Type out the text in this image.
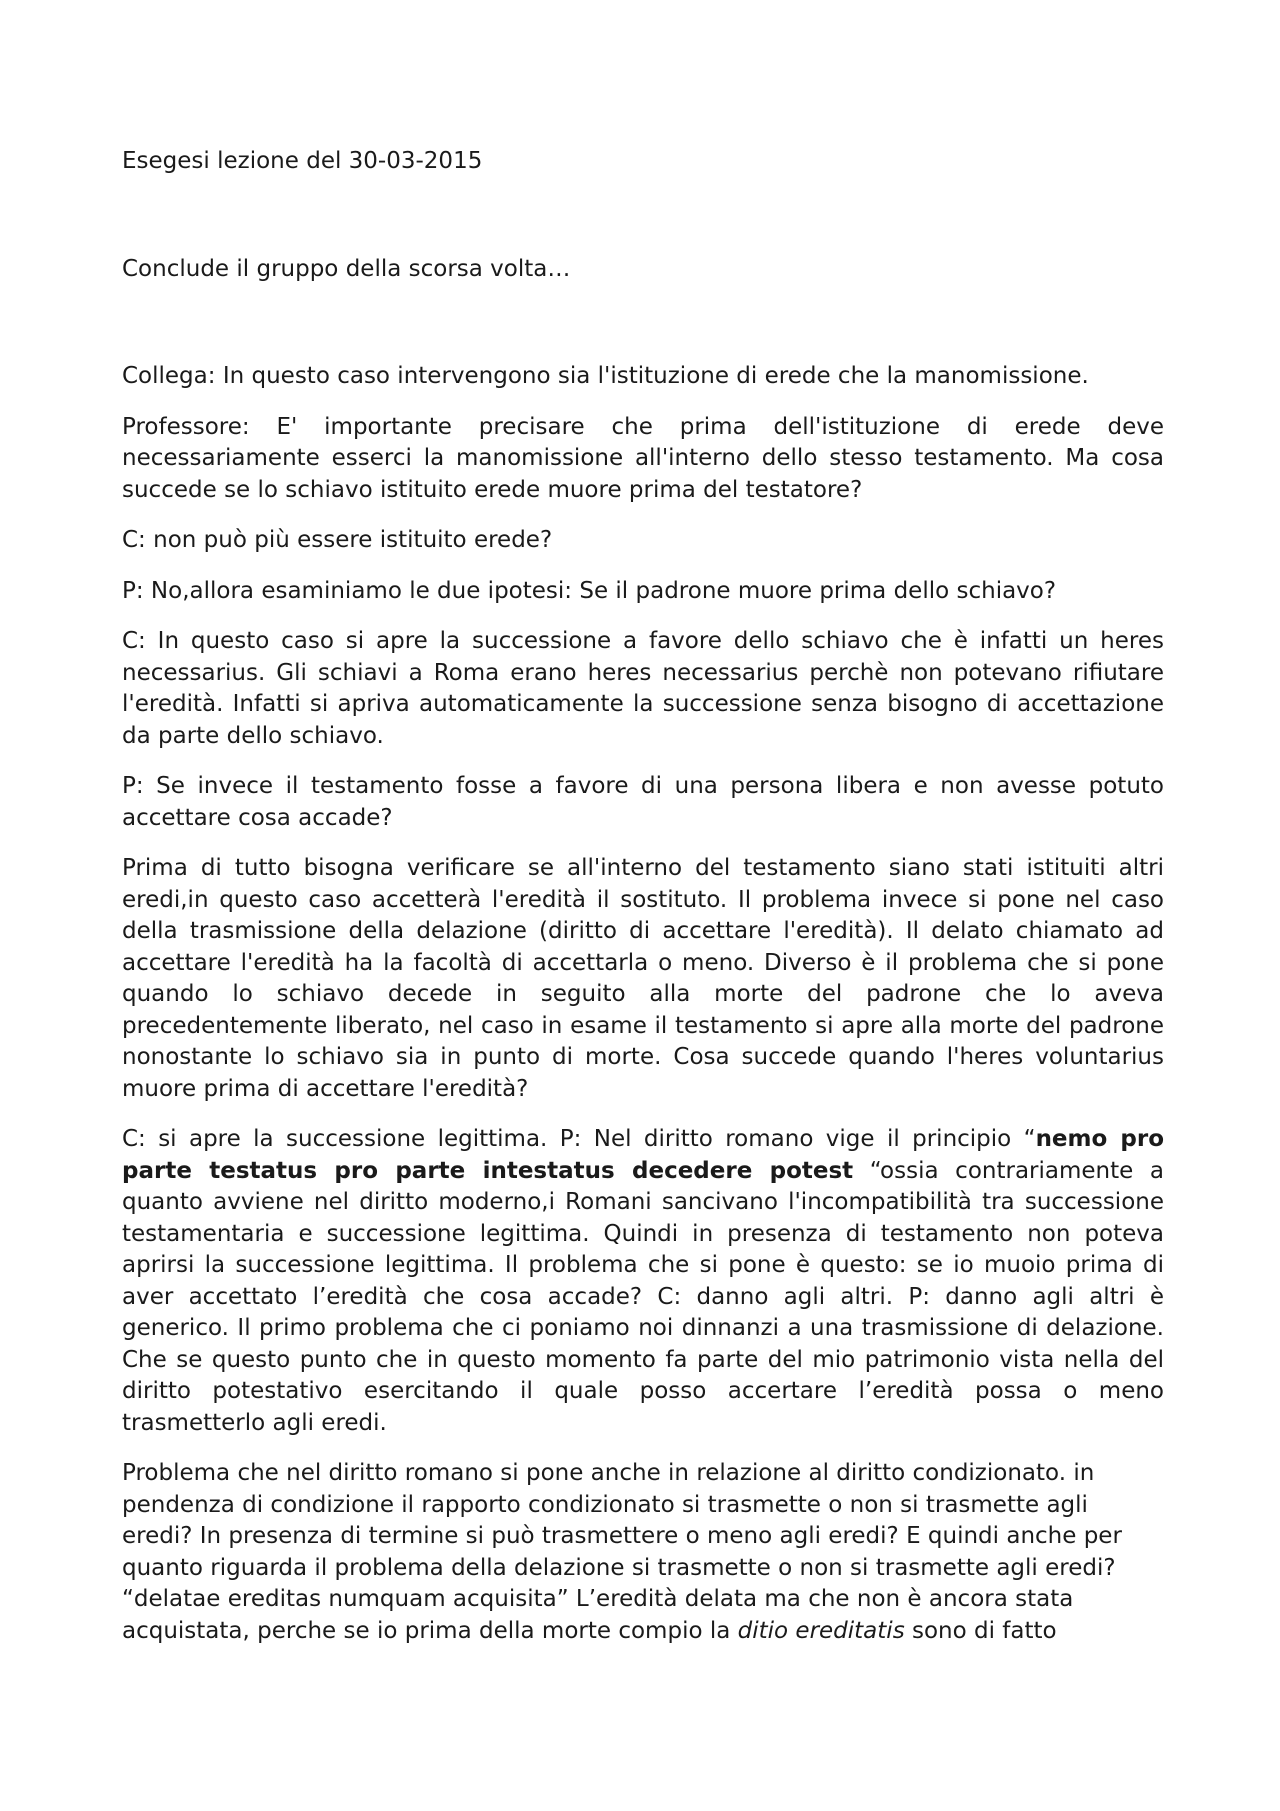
Esegesi lezione del 30-03-2015

Conclude il gruppo della scorsa volta…

Collega: In questo caso intervengono sia l'istituzione di erede che la manomissione.

Professore: E' importante precisare che prima dell'istituzione di erede deve necessariamente esserci la manomissione all'interno dello stesso testamento. Ma cosa succede se lo schiavo istituito erede muore prima del testatore?

C: non può più essere istituito erede?

P: No,allora esaminiamo le due ipotesi: Se il padrone muore prima dello schiavo?

C: In questo caso si apre la successione a favore dello schiavo che è infatti un heres necessarius. Gli schiavi a Roma erano heres necessarius perchè non potevano rifiutare l'eredità. Infatti si apriva automaticamente la successione senza bisogno di accettazione da parte dello schiavo.

P: Se invece il testamento fosse a favore di una persona libera e non avesse potuto accettare cosa accade?

Prima di tutto bisogna verificare se all'interno del testamento siano stati istituiti altri eredi,in questo caso accetterà l'eredità il sostituto. Il problema invece si pone nel caso della trasmissione della delazione (diritto di accettare l'eredità). Il delato chiamato ad accettare l'eredità ha la facoltà di accettarla o meno. Diverso è il problema che si pone quando lo schiavo decede in seguito alla morte del padrone che lo aveva precedentemente liberato, nel caso in esame il testamento si apre alla morte del padrone nonostante lo schiavo sia in punto di morte. Cosa succede quando l'heres voluntarius muore prima di accettare l'eredità?

C: si apre la successione legittima. P: Nel diritto romano vige il principio “nemo pro parte testatus pro parte intestatus decedere potest “ossia contrariamente a quanto avviene nel diritto moderno,i Romani sancivano l'incompatibilità tra successione testamentaria e successione legittima. Quindi in presenza di testamento non poteva aprirsi la successione legittima. Il problema che si pone è questo: se io muoio prima di aver accettato l’eredità che cosa accade? C: danno agli altri. P: danno agli altri è generico. Il primo problema che ci poniamo noi dinnanzi a una trasmissione di delazione. Che se questo punto che in questo momento fa parte del mio patrimonio vista nella del diritto potestativo esercitando il quale posso accertare l’eredità possa o meno trasmetterlo agli eredi.

Problema che nel diritto romano si pone anche in relazione al diritto condizionato. in pendenza di condizione il rapporto condizionato si trasmette o non si trasmette agli eredi? In presenza di termine si può trasmettere o meno agli eredi? E quindi anche per quanto riguarda il problema della delazione si trasmette o non si trasmette agli eredi? “delatae ereditas numquam acquisita” L’eredità delata ma che non è ancora stata acquistata, perche se io prima della morte compio la ditio ereditatis sono di fatto
